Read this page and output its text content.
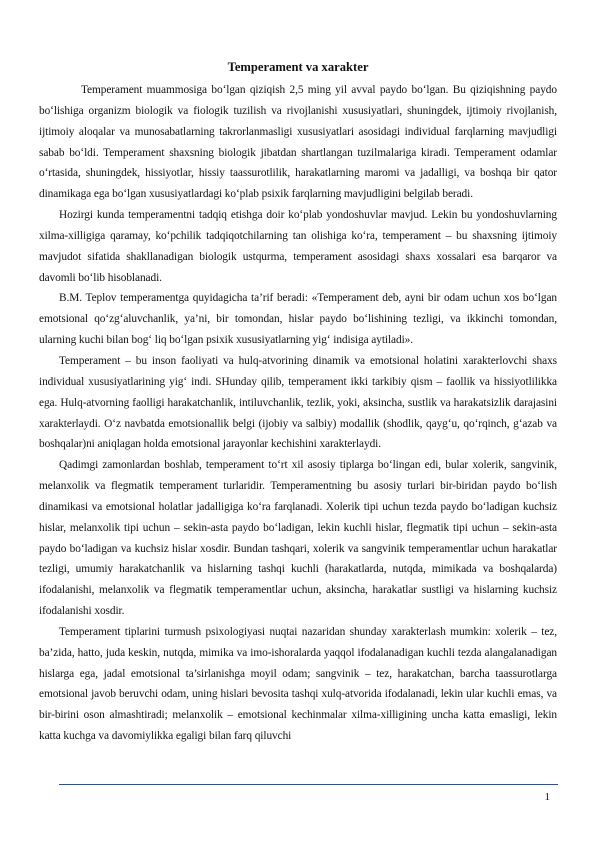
Temperament va xarakter

Temperament muammosiga bo‘lgan qiziqish 2,5 ming yil avval paydo bo‘lgan. Bu qiziqishning paydo bo‘lishiga organizm biologik va fiologik tuzilish va rivojlanishi xususiyatlari, shuningdek, ijtimoiy rivojlanish, ijtimoiy aloqalar va munosabatlarning takrorlanmasligi xususiyatlari asosidagi individual farqlarning mavjudligi sabab bo‘ldi. Temperament shaxsning biologik jibatdan shartlangan tuzilmalariga kiradi. Temperament odamlar o‘rtasida, shuningdek, hissiyotlar, hissiy taassurotlilik, harakatlarning maromi va jadalligi, va boshqa bir qator dinamikaga ega bo‘lgan xususiyatlardagi ko‘plab psixik farqlarning mavjudligini belgilab beradi.

Hozirgi kunda temperamentni tadqiq etishga doir ko‘plab yondoshuvlar mavjud. Lekin bu yondoshuvlarning xilma-xilligiga qaramay, ko‘pchilik tadqiqotchilarning tan olishiga ko‘ra, temperament – bu shaxsning ijtimoiy mavjudot sifatida shakllanadigan biologik ustqurma, temperament asosidagi shaxs xossalari esa barqaror va davomli bo‘lib hisoblanadi.

B.M. Teplov temperamentga quyidagicha ta’rif beradi: «Temperament deb, ayni bir odam uchun xos bo‘lgan emotsional qo‘zg‘aluvchanlik, ya’ni, bir tomondan, hislar paydo bo‘lishining tezligi, va ikkinchi tomondan, ularning kuchi bilan bog‘ liq bo‘lgan psixik xususiyatlarning yig‘ indisiga aytiladi».

Temperament – bu inson faoliyati va hulq-atvorining dinamik va emotsional holatini xarakterlovchi shaxs individual xususiyatlarining yig‘ indi. SHunday qilib, temperament ikki tarkibiy qism – faollik va hissiyotlilikka ega. Hulq-atvorning faolligi harakatchanlik, intiluvchanlik, tezlik, yoki, aksincha, sustlik va harakatsizlik darajasini xarakterlaydi. O‘z navbatda emotsionallik belgi (ijobiy va salbiy) modallik (shodlik, qayg‘u, qo‘rqinch, g‘azab va boshqalar)ni aniqlagan holda emotsional jarayonlar kechishini xarakterlaydi.

Qadimgi zamonlardan boshlab, temperament to‘rt xil asosiy tiplarga bo‘lingan edi, bular xolerik, sangvinik, melanxolik va flegmatik temperament turlaridir. Temperamentning bu asosiy turlari bir-biridan paydo bo‘lish dinamikasi va emotsional holatlar jadalligiga ko‘ra farqlanadi. Xolerik tipi uchun tezda paydo bo‘ladigan kuchsiz hislar, melanxolik tipi uchun – sekin-asta paydo bo‘ladigan, lekin kuchli hislar, flegmatik tipi uchun – sekin-asta paydo bo‘ladigan va kuchsiz hislar xosdir. Bundan tashqari, xolerik va sangvinik temperamentlar uchun harakatlar tezligi, umumiy harakatchanlik va hislarning tashqi kuchli (harakatlarda, nutqda, mimikada va boshqalarda) ifodalanishi, melanxolik va flegmatik temperamentlar uchun, aksincha, harakatlar sustligi va hislarning kuchsiz ifodalanishi xosdir.

Temperament tiplarini turmush psixologiyasi nuqtai nazaridan shunday xarakterlash mumkin: xolerik – tez, ba’zida, hatto, juda keskin, nutqda, mimika va imo-ishoralarda yaqqol ifodalanadigan kuchli tezda alangalanadigan hislarga ega, jadal emotsional ta’sirlanishga moyil odam; sangvinik – tez, harakatchan, barcha taassurotlarga emotsional javob beruvchi odam, uning hislari bevosita tashqi xulq-atvorida ifodalanadi, lekin ular kuchli emas, va bir-birini oson almashtiradi; melanxolik – emotsional kechinmalar xilma-xilligining uncha katta emasligi, lekin katta kuchga va davomiylikka egaligi bilan farq qiluvchi

1
